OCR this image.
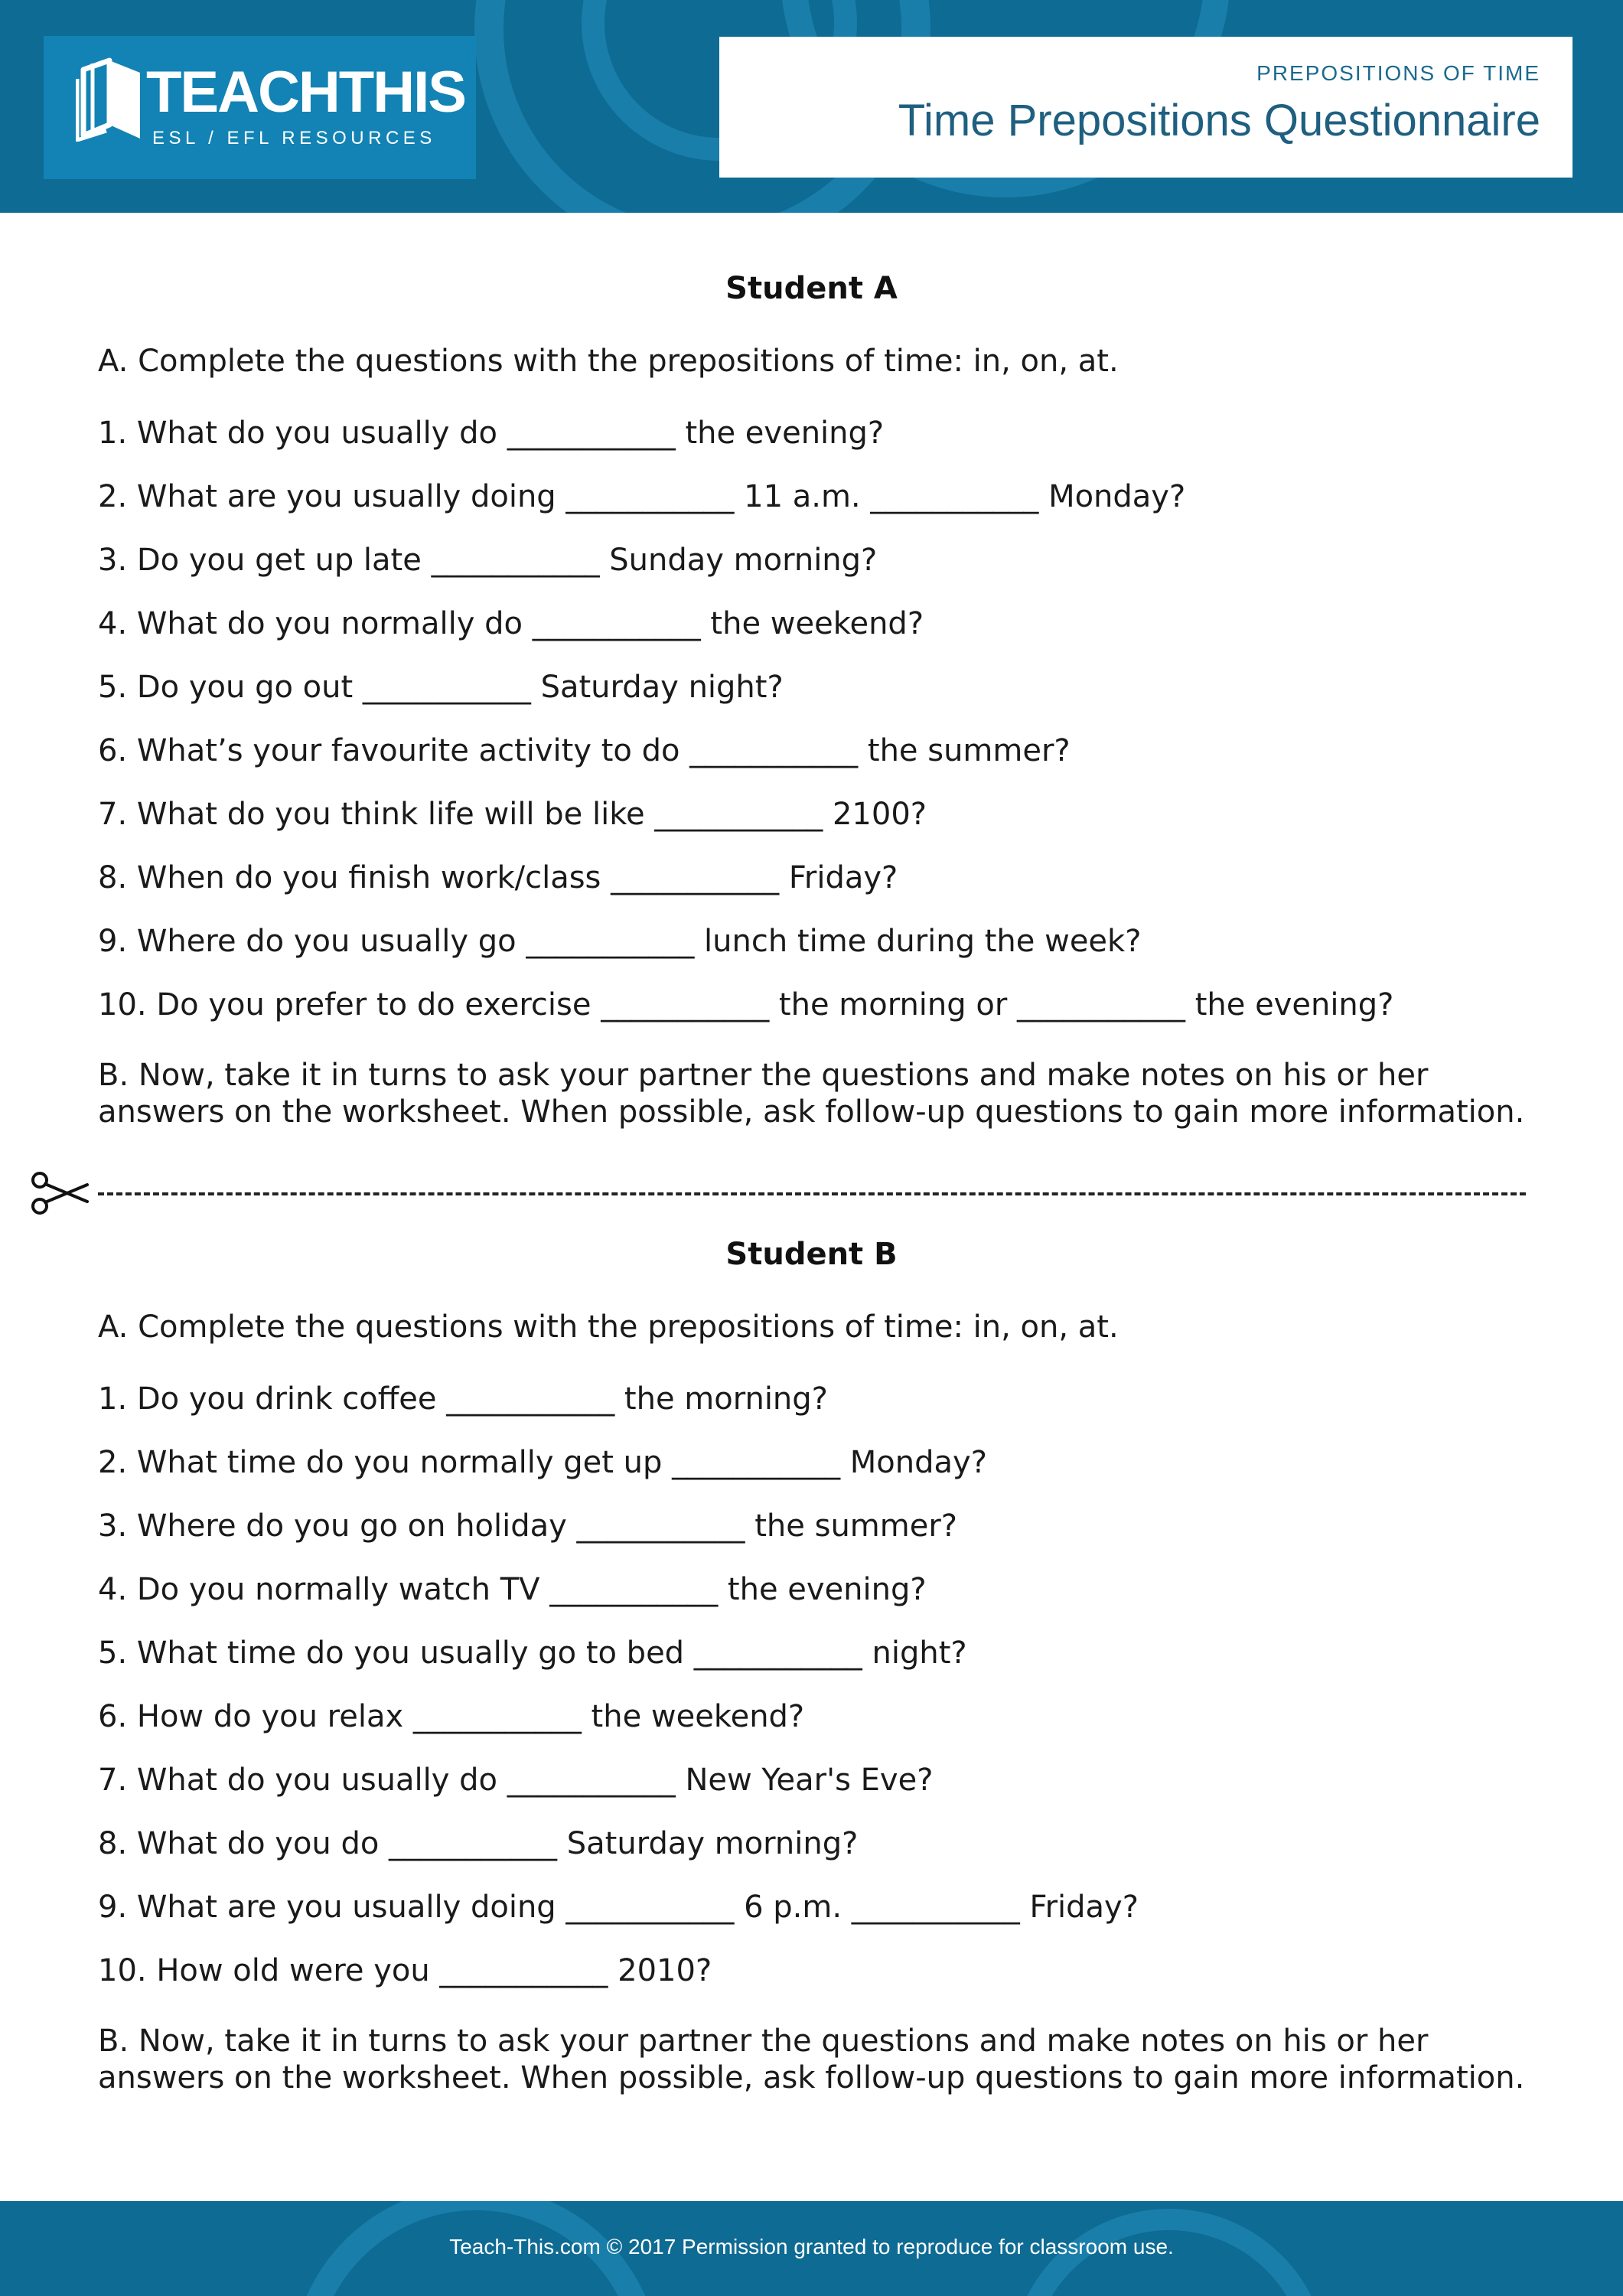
TEACHTHIS
ESL / EFL RESOURCES
PREPOSITIONS OF TIME
Time Prepositions Questionnaire
Student A
A. Complete the questions with the prepositions of time: in, on, at.
1. What do you usually do ___________ the evening?
2. What are you usually doing ___________ 11 a.m. ___________ Monday?
3. Do you get up late ___________ Sunday morning?
4. What do you normally do ___________ the weekend?
5. Do you go out ___________ Saturday night?
6. What’s your favourite activity to do ___________ the summer?
7. What do you think life will be like ___________ 2100?
8. When do you finish work/class ___________ Friday?
9. Where do you usually go ___________ lunch time during the week?
10. Do you prefer to do exercise ___________ the morning or ___________ the evening?
B. Now, take it in turns to ask your partner the questions and make notes on his or her answers on the worksheet. When possible, ask follow-up questions to gain more information.
Student B
A. Complete the questions with the prepositions of time: in, on, at.
1. Do you drink coffee ___________ the morning?
2. What time do you normally get up ___________ Monday?
3. Where do you go on holiday ___________ the summer?
4. Do you normally watch TV ___________ the evening?
5. What time do you usually go to bed ___________ night?
6. How do you relax ___________ the weekend?
7. What do you usually do ___________ New Year's Eve?
8. What do you do ___________ Saturday morning?
9. What are you usually doing ___________ 6 p.m. ___________ Friday?
10. How old were you ___________ 2010?
B. Now, take it in turns to ask your partner the questions and make notes on his or her answers on the worksheet. When possible, ask follow-up questions to gain more information.
Teach-This.com © 2017 Permission granted to reproduce for classroom use.
